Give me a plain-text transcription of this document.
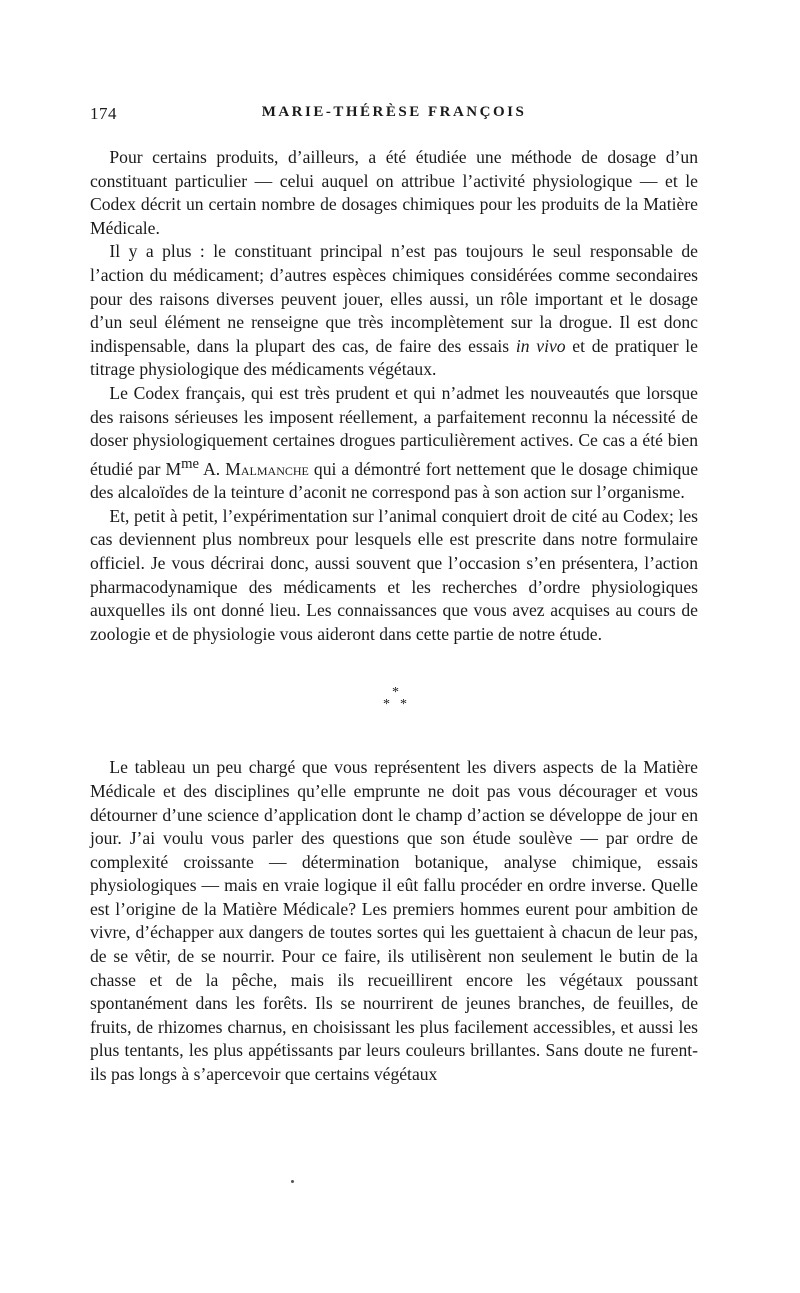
174	MARIE-THÉRÈSE FRANÇOIS

Pour certains produits, d’ailleurs, a été étudiée une méthode de dosage d’un constituant particulier — celui auquel on attribue l’activité physiologique — et le Codex décrit un certain nombre de dosages chimiques pour les produits de la Matière Médicale.

Il y a plus : le constituant principal n’est pas toujours le seul responsable de l’action du médicament; d’autres espèces chimiques considérées comme secondaires pour des raisons diverses peuvent jouer, elles aussi, un rôle important et le dosage d’un seul élément ne renseigne que très incomplètement sur la drogue. Il est donc indispensable, dans la plupart des cas, de faire des essais in vivo et de pratiquer le titrage physiologique des médicaments végétaux.

Le Codex français, qui est très prudent et qui n’admet les nouveautés que lorsque des raisons sérieuses les imposent réellement, a parfaitement reconnu la nécessité de doser physiologiquement certaines drogues particulièrement actives. Ce cas a été bien étudié par $M^{me}$ A. Malmanche qui a démontré fort nettement que le dosage chimique des alcaloïdes de la teinture d’aconit ne correspond pas à son action sur l’organisme.

Et, petit à petit, l’expérimentation sur l’animal conquiert droit de cité au Codex; les cas deviennent plus nombreux pour lesquels elle est prescrite dans notre formulaire officiel. Je vous décrirai donc, aussi souvent que l’occasion s’en présentera, l’action pharmacodynamique des médicaments et les recherches d’ordre physiologiques auxquelles ils ont donné lieu. Les connaissances que vous avez acquises au cours de zoologie et de physiologie vous aideront dans cette partie de notre étude.

*
* *

Le tableau un peu chargé que vous représentent les divers aspects de la Matière Médicale et des disciplines qu’elle emprunte ne doit pas vous décourager et vous détourner d’une science d’application dont le champ d’action se développe de jour en jour. J’ai voulu vous parler des questions que son étude soulève — par ordre de complexité croissante — détermination botanique, analyse chimique, essais physiologiques — mais en vraie logique il eût fallu procéder en ordre inverse. Quelle est l’origine de la Matière Médicale? Les premiers hommes eurent pour ambition de vivre, d’échapper aux dangers de toutes sortes qui les guettaient à chacun de leur pas, de se vêtir, de se nourrir. Pour ce faire, ils utilisèrent non seulement le butin de la chasse et de la pêche, mais ils recueillirent encore les végétaux poussant spontanément dans les forêts. Ils se nourrirent de jeunes branches, de feuilles, de fruits, de rhizomes charnus, en choisissant les plus facilement accessibles, et aussi les plus tentants, les plus appétissants par leurs couleurs brillantes. Sans doute ne furent-ils pas longs à s’apercevoir que certains végétaux
